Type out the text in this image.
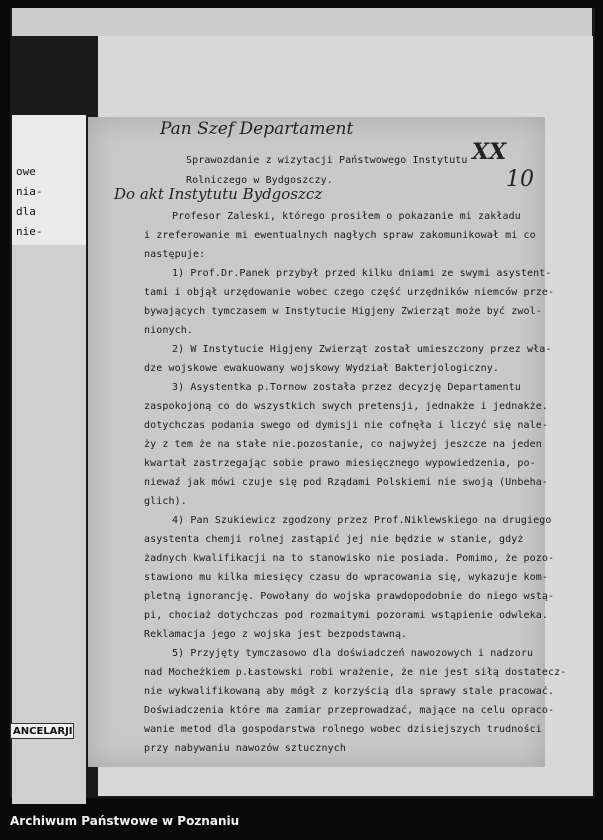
owe
nia-
dla
nie-
ANCELARJI
Pan Szef Departament
XX
10
Do akt Instytutu Bydgoszcz
Sprawozdanie z wizytacji Państwowego Instytutu
Rolniczego w Bydgoszczy.
Profesor Zaleski, którego prosiłem o pokazanie mi zakładu
i zreferowanie mi ewentualnych nagłych spraw zakomunikował mi co
następuje:
1) Prof.Dr.Panek przybył przed kilku dniami ze swymi asystent-
tami i objął urzędowanie wobec czego część urzędników niemców prze-
bywających tymczasem w Instytucie Higjeny Zwierząt może być zwol-
nionych.
2) W Instytucie Higjeny Zwierząt został umieszczony przez wła-
dze wojskowe ewakuowany wojskowy Wydział Bakterjologiczny.
3) Asystentka p.Tornow została przez decyzję Departamentu
zaspokojoną co do wszystkich swych pretensji, jednakże i jednakże.
dotychczas podania swego od dymisji nie cofnęła i liczyć się nale-
ży z tem że na stałe nie.pozostanie, co najwyżej jeszcze na jeden
kwartał zastrzegając sobie prawo miesięcznego wypowiedzenia, po-
niewaź jak mówi czuje się pod Rządami Polskiemi nie swoją (Unbeha-
glich).
4) Pan Szukiewicz zgodzony przez Prof.Niklewskiego na drugiego
asystenta chemji rolnej zastąpić jej nie będzie w stanie, gdyż
żadnych kwalifikacji na to stanowisko nie posiada. Pomimo, że pozo-
stawiono mu kilka miesięcy czasu do wpracowania się, wykazuje kom-
pletną ignorancję. Powołany do wojska prawdopodobnie do niego wstą-
pi, chociaż dotychczas pod rozmaitymi pozorami wstąpienie odwleka.
Reklamacja jego z wojska jest bezpodstawną.
5) Przyjęty tymczasowo dla doświadczeń nawozowych i nadzoru
nad Mocheżkiem p.Łastowski robi wrażenie, że nie jest siłą dostatecz-
nie wykwalifikowaną aby mógł z korzyścią dla sprawy stale pracować.
Doświadczenia które ma zamiar przeprowadzać, mające na celu opraco-
wanie metod dla gospodarstwa rolnego wobec dzisiejszych trudności
przy nabywaniu nawozów sztucznych
Archiwum Państwowe w Poznaniu
